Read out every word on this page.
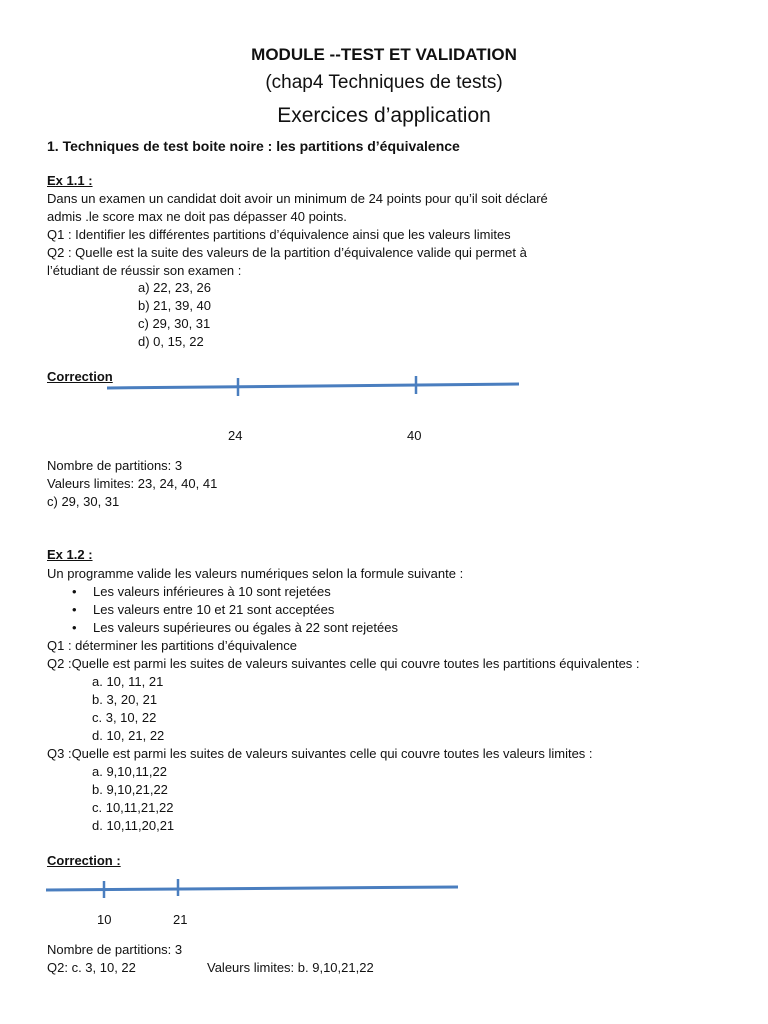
MODULE --TEST ET VALIDATION
(chap4 Techniques de tests)
Exercices d’application
1. Techniques de test boite noire : les partitions d’équivalence
Ex 1.1 :
Dans un examen un candidat doit avoir un minimum de 24 points pour qu’il soit déclaré
admis .le score max ne doit pas dépasser 40 points.
Q1 : Identifier les différentes partitions d’équivalence ainsi que les valeurs limites
Q2 : Quelle est la suite des valeurs de la partition d’équivalence valide qui permet à
l’étudiant de réussir son examen :
a) 22, 23, 26
b) 21, 39, 40
c) 29, 30, 31
d) 0, 15, 22
Correction
24	40
Nombre de partitions: 3
Valeurs limites: 23, 24, 40, 41
c) 29, 30, 31
Ex 1.2 :
Un programme valide les valeurs numériques selon la formule suivante :
• Les valeurs inférieures à 10 sont rejetées
• Les valeurs entre 10 et 21 sont acceptées
• Les valeurs supérieures ou égales à 22 sont rejetées
Q1 : déterminer les partitions d’équivalence
Q2 :Quelle est parmi les suites de valeurs suivantes celle qui couvre toutes les partitions équivalentes :
a. 10, 11, 21
b. 3, 20, 21
c. 3, 10, 22
d. 10, 21, 22
Q3 :Quelle est parmi les suites de valeurs suivantes celle qui couvre toutes les valeurs limites :
a. 9,10,11,22
b. 9,10,21,22
c. 10,11,21,22
d. 10,11,20,21
Correction :
10	21
Nombre de partitions: 3
Q2: c. 3, 10, 22	Valeurs limites: b. 9,10,21,22
